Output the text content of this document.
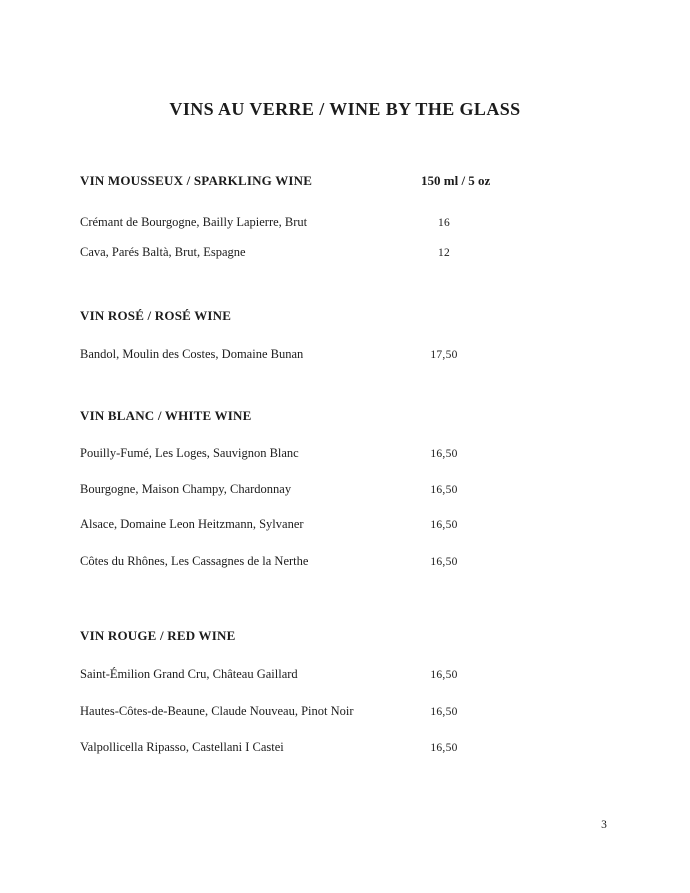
VINS AU VERRE / WINE BY THE GLASS
VIN MOUSSEUX / SPARKLING WINE	150 ml / 5 oz
Crémant de Bourgogne, Bailly Lapierre, Brut	16
Cava, Parés Baltà, Brut, Espagne	12
VIN ROSÉ / ROSÉ WINE
Bandol, Moulin des Costes, Domaine Bunan	17,50
VIN BLANC / WHITE WINE
Pouilly-Fumé, Les Loges, Sauvignon Blanc	16,50
Bourgogne, Maison Champy, Chardonnay	16,50
Alsace, Domaine Leon Heitzmann, Sylvaner	16,50
Côtes du Rhônes, Les Cassagnes de la Nerthe	16,50
VIN ROUGE / RED WINE
Saint-Émilion Grand Cru, Château Gaillard	16,50
Hautes-Côtes-de-Beaune, Claude Nouveau, Pinot Noir	16,50
Valpollicella Ripasso, Castellani I Castei	16,50
3
